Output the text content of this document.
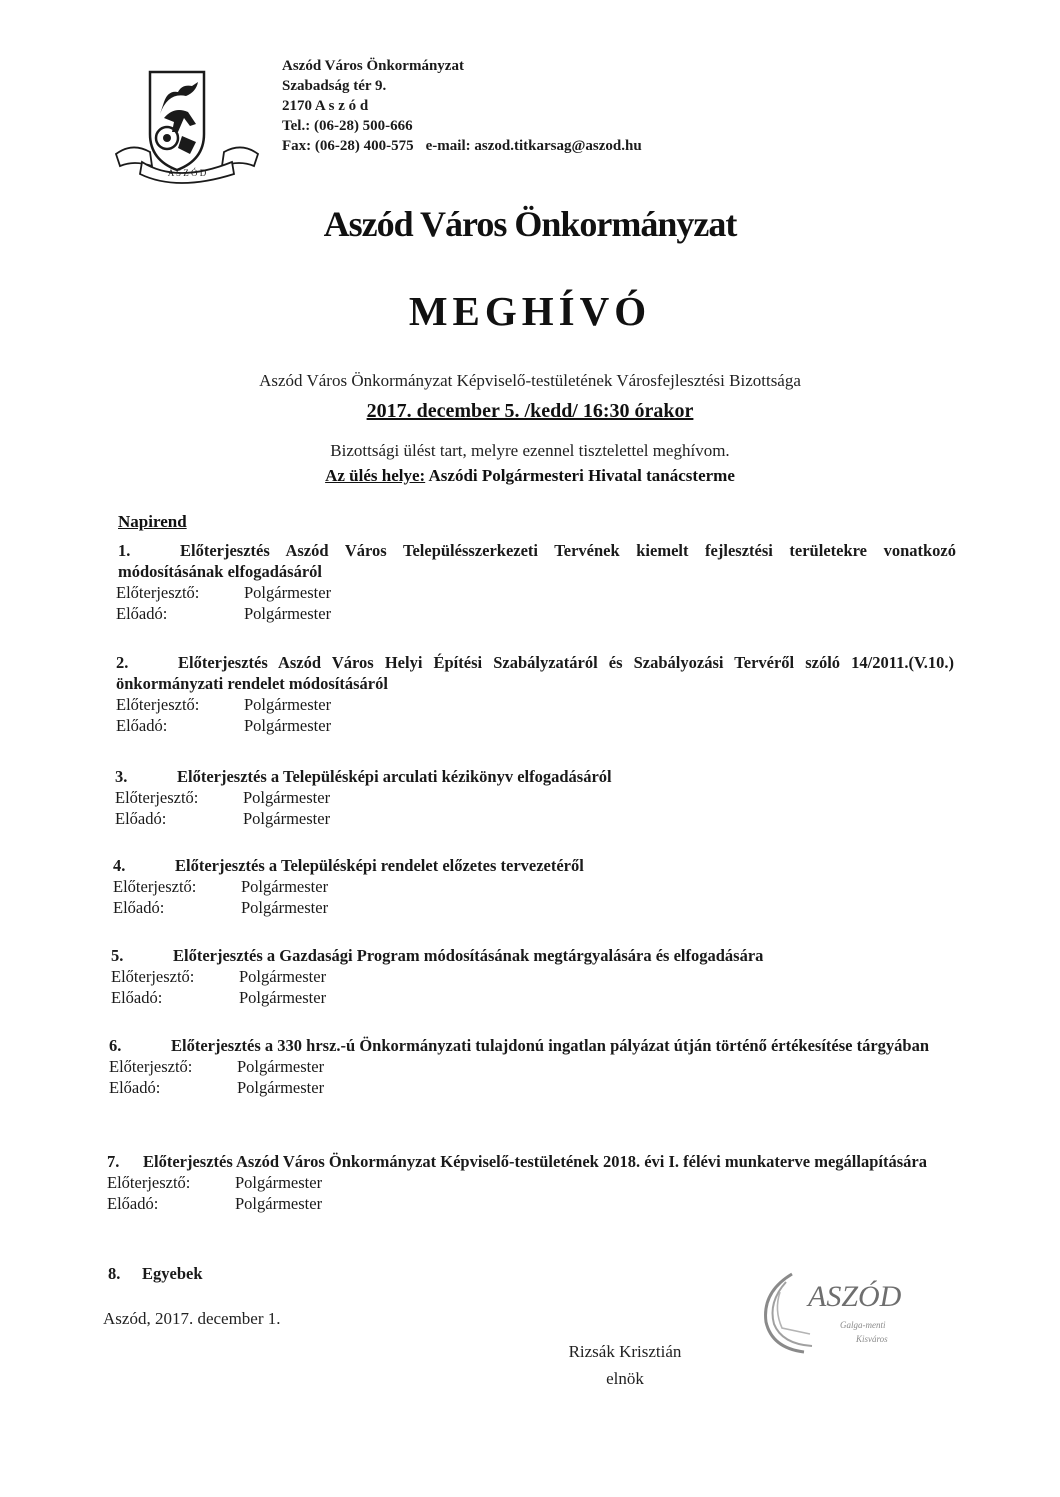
A S Z Ó D
Aszód Város Önkormányzat
Szabadság tér 9.
2170 A s z ó d
Tel.: (06-28) 500-666
Fax: (06-28) 400-575 e-mail: aszod.titkarsag@aszod.hu
Aszód Város Önkormányzat
MEGHÍVÓ
Aszód Város Önkormányzat Képviselő-testületének Városfejlesztési Bizottsága
2017. december 5. /kedd/ 16:30 órakor
Bizottsági ülést tart, melyre ezennel tisztelettel meghívom.
Az ülés helye: Aszódi Polgármesteri Hivatal tanácsterme
Napirend
1.	Előterjesztés Aszód Város Településszerkezeti Tervének kiemelt fejlesztési területekre vonatkozó módosításának elfogadásáról
Előterjesztő:	Polgármester
Előadó:	Polgármester
2.	Előterjesztés Aszód Város Helyi Építési Szabályzatáról és Szabályozási Tervéről szóló 14/2011.(V.10.) önkormányzati rendelet módosításáról
Előterjesztő:	Polgármester
Előadó:	Polgármester
3.	Előterjesztés a Településképi arculati kézikönyv elfogadásáról
Előterjesztő:	Polgármester
Előadó:	Polgármester
4.	Előterjesztés a Településképi rendelet előzetes tervezetéről
Előterjesztő:	Polgármester
Előadó:	Polgármester
5.	Előterjesztés a Gazdasági Program módosításának megtárgyalására és elfogadására
Előterjesztő:	Polgármester
Előadó:	Polgármester
6.	Előterjesztés a 330 hrsz.-ú Önkormányzati tulajdonú ingatlan pályázat útján történő értékesítése tárgyában
Előterjesztő:	Polgármester
Előadó:	Polgármester
7. Előterjesztés Aszód Város Önkormányzat Képviselő-testületének 2018. évi I. félévi munkaterve megállapítására
Előterjesztő:	Polgármester
Előadó:	Polgármester
8. Egyebek
Aszód, 2017. december 1.
ASZÓD
Galga-menti
Kisváros
Rizsák Krisztián
elnök
